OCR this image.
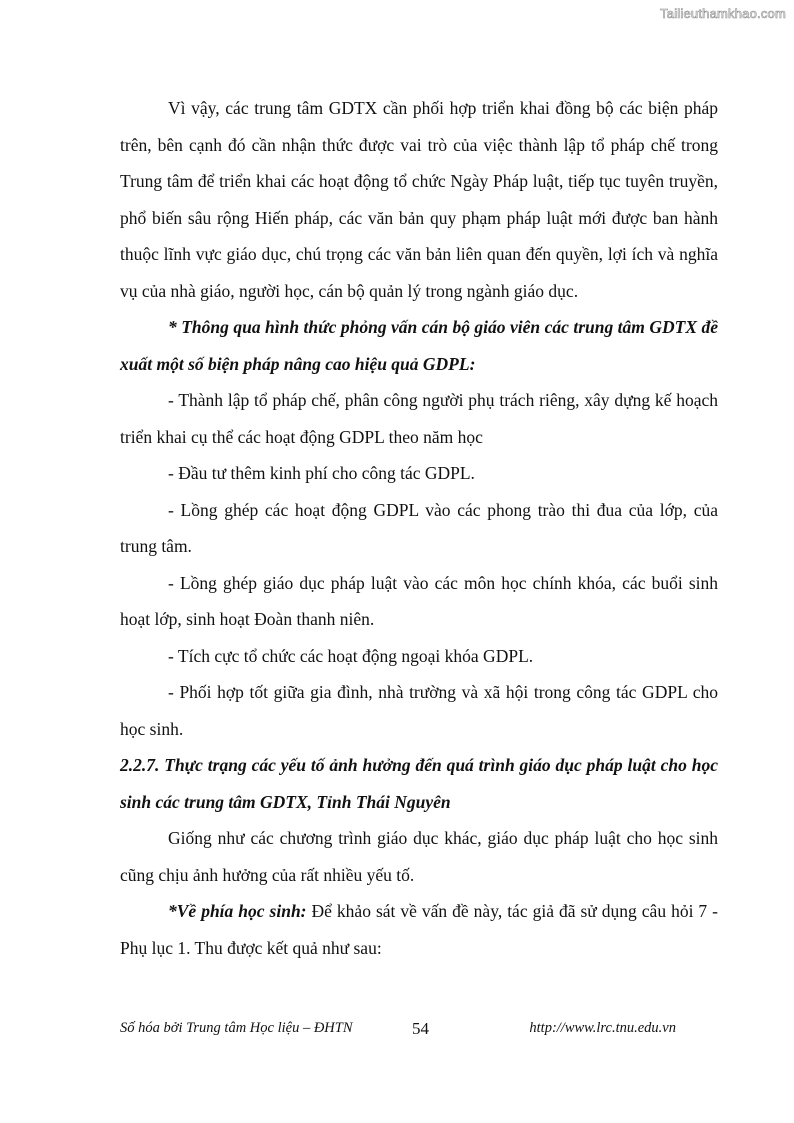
Tailieuthamkhao.com

Vì vậy, các trung tâm GDTX cần phối hợp triển khai đồng bộ các biện pháp trên, bên cạnh đó cần nhận thức được vai trò của việc thành lập tổ pháp chế trong Trung tâm để triển khai các hoạt động tổ chức Ngày Pháp luật, tiếp tục tuyên truyền, phổ biến sâu rộng Hiến pháp, các văn bản quy phạm pháp luật mới được ban hành thuộc lĩnh vực giáo dục, chú trọng các văn bản liên quan đến quyền, lợi ích và nghĩa vụ của nhà giáo, người học, cán bộ quản lý trong ngành giáo dục.

* Thông qua hình thức phỏng vấn cán bộ giáo viên các trung tâm GDTX đề xuất một số biện pháp nâng cao hiệu quả GDPL:

- Thành lập tổ pháp chế, phân công người phụ trách riêng, xây dựng kế hoạch triển khai cụ thể các hoạt động GDPL theo năm học

- Đầu tư thêm kinh phí cho công tác GDPL.

- Lồng ghép các hoạt động GDPL vào các phong trào thi đua của lớp, của trung tâm.

- Lồng ghép giáo dục pháp luật vào các môn học chính khóa, các buổi sinh hoạt lớp, sinh hoạt Đoàn thanh niên.

- Tích cực tổ chức các hoạt động ngoại khóa GDPL.

- Phối hợp tốt giữa gia đình, nhà trường và xã hội trong công tác GDPL cho học sinh.

2.2.7. Thực trạng các yếu tố ảnh hưởng đến quá trình giáo dục pháp luật cho học sinh các trung tâm GDTX, Tỉnh Thái Nguyên

Giống như các chương trình giáo dục khác, giáo dục pháp luật cho học sinh cũng chịu ảnh hưởng của rất nhiều yếu tố.

*Về phía học sinh: Để khảo sát về vấn đề này, tác giả đã sử dụng câu hỏi 7 - Phụ lục 1. Thu được kết quả như sau:

Số hóa bởi Trung tâm Học liệu – ĐHTN	54	http://www.lrc.tnu.edu.vn
